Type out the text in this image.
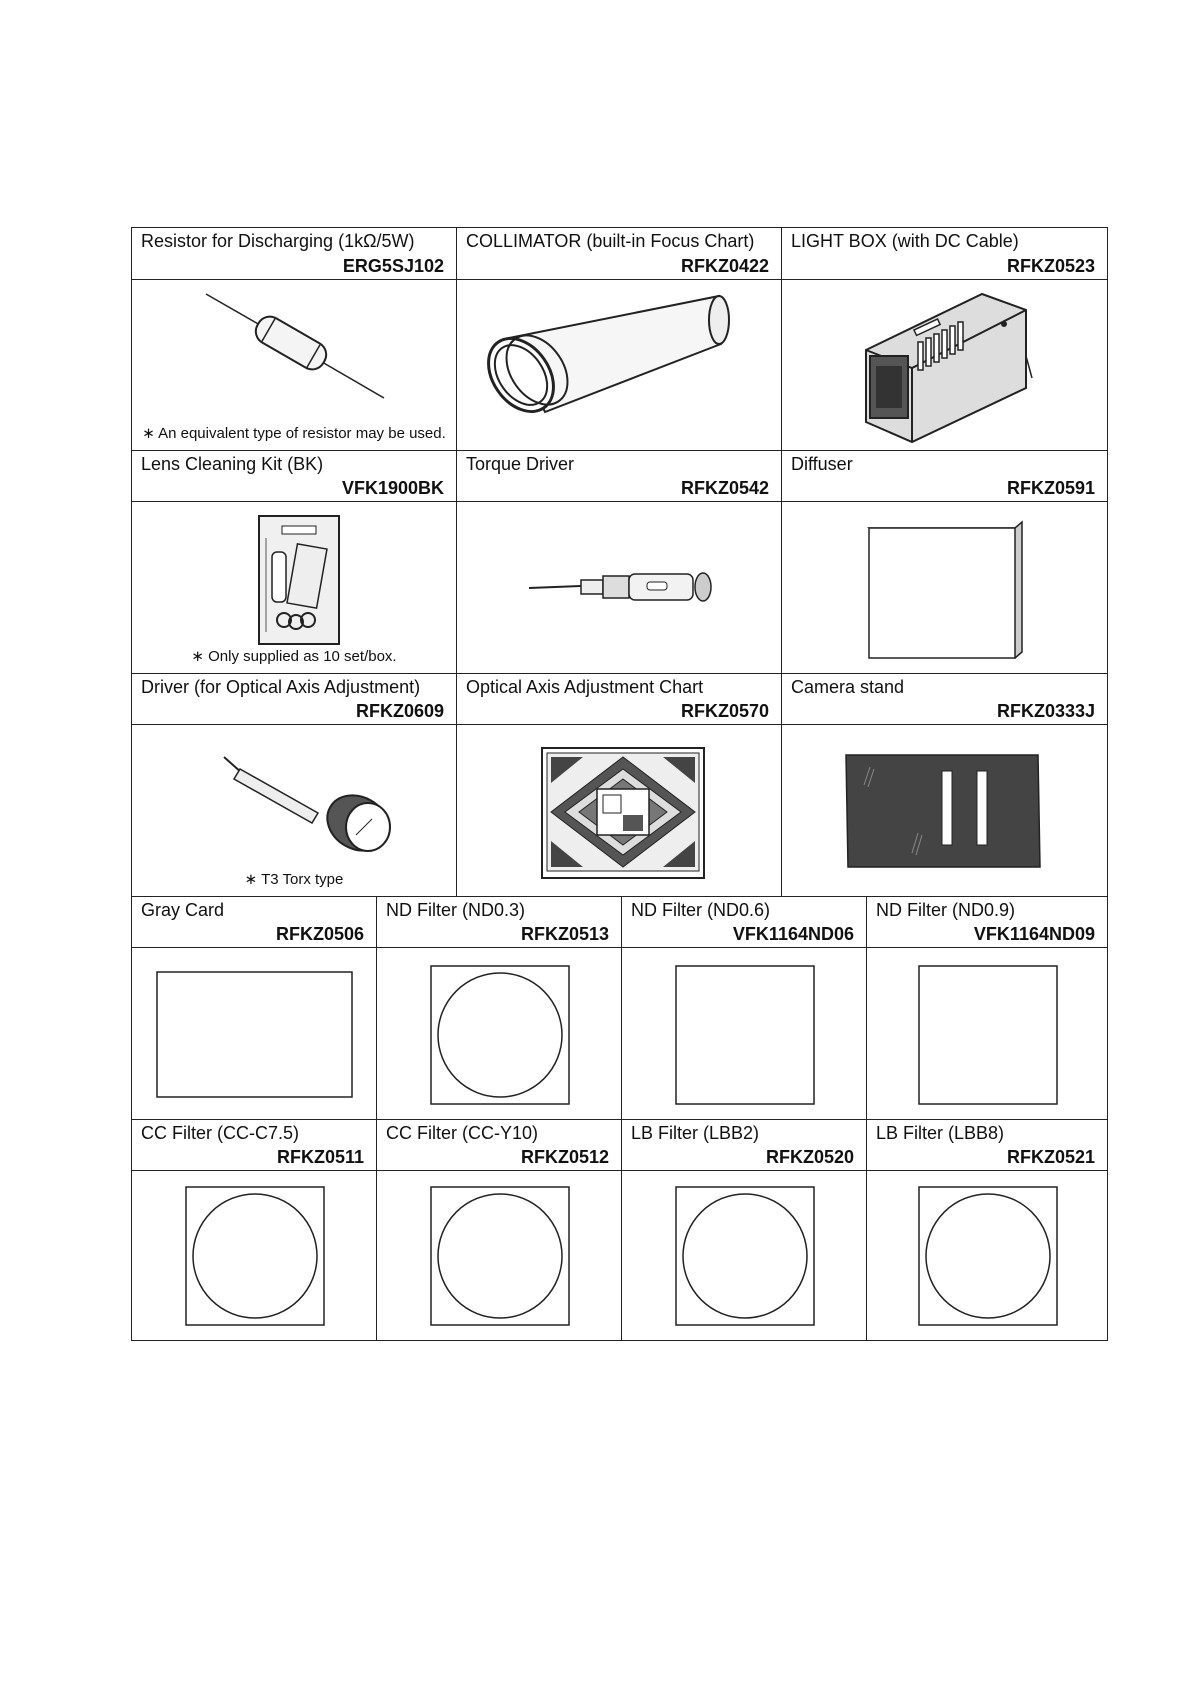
Resistor for Discharging (1kΩ/5W)
ERG5SJ102
COLLIMATOR (built-in Focus Chart)
RFKZ0422
LIGHT BOX (with DC Cable)
RFKZ0523
∗ An equivalent type of resistor may be used.
Lens Cleaning Kit (BK)
VFK1900BK
Torque Driver
RFKZ0542
Diffuser
RFKZ0591
∗ Only supplied as 10 set/box.
Driver (for Optical Axis Adjustment)
RFKZ0609
Optical Axis Adjustment Chart
RFKZ0570
Camera stand
RFKZ0333J
∗ T3 Torx type
Gray Card
RFKZ0506
ND Filter (ND0.3)
RFKZ0513
ND Filter (ND0.6)
VFK1164ND06
ND Filter (ND0.9)
VFK1164ND09
CC Filter (CC-C7.5)
RFKZ0511
CC Filter (CC-Y10)
RFKZ0512
LB Filter (LBB2)
RFKZ0520
LB Filter (LBB8)
RFKZ0521
